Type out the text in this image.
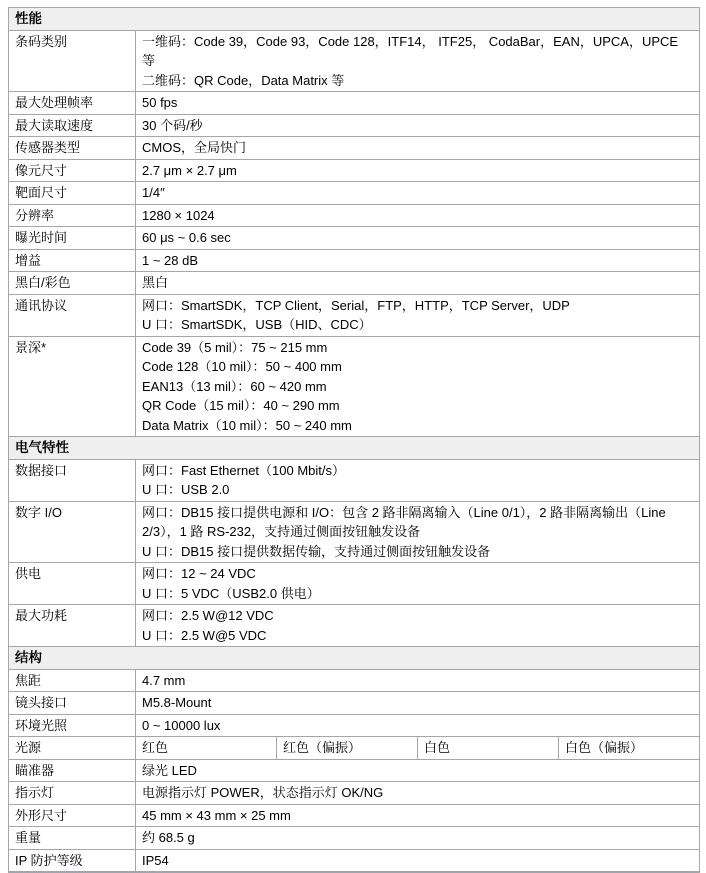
性能				
条码类别	一维码：Code 39，Code 93，Code 128，ITF14， ITF25， CodaBar，EAN，UPCA，UPCE 等
二维码：QR Code，Data Matrix 等			

最大处理帧率	50 fps			

最大读取速度	30 个码/秒			

传感器类型	CMOS，全局快门			

像元尺寸	2.7 μm × 2.7 μm			

靶面尺寸	1/4″			

分辨率	1280 × 1024			

曝光时间	60 μs ~ 0.6 sec			

增益	1 ~ 28 dB			

黑白/彩色	黑白			

通讯协议	网口：SmartSDK，TCP Client，Serial，FTP，HTTP，TCP Server，UDP
U 口：SmartSDK，USB（HID、CDC）			

景深*	Code 39（5 mil）：75 ~ 215 mm
Code 128（10 mil）：50 ~ 400 mm
EAN13（13 mil）：60 ~ 420 mm
QR Code（15 mil）：40 ~ 290 mm
Data Matrix（10 mil）：50 ~ 240 mm			

电气特性				
数据接口	网口：Fast Ethernet（100 Mbit/s）
U 口：USB 2.0			

数字 I/O	网口：DB15 接口提供电源和 I/O：包含 2 路非隔离输入（Line 0/1），2 路非隔离输出（Line 2/3），1 路 RS-232，支持通过侧面按钮触发设备
U 口：DB15 接口提供数据传输，支持通过侧面按钮触发设备			

供电	网口：12 ~ 24 VDC
U 口：5 VDC（USB2.0 供电）			

最大功耗	网口：2.5 W@12 VDC
U 口：2.5 W@5 VDC			

结构				
焦距	4.7 mm			

镜头接口	M5.8-Mount			

环境光照	0 ~ 10000 lux			

光源	红色	红色（偏振）	白色	白色（偏振）
瞄准器	绿光 LED			

指示灯	电源指示灯 POWER，状态指示灯 OK/NG			

外形尺寸	45 mm × 43 mm × 25 mm			

重量	约 68.5 g			

IP 防护等级	IP54			
